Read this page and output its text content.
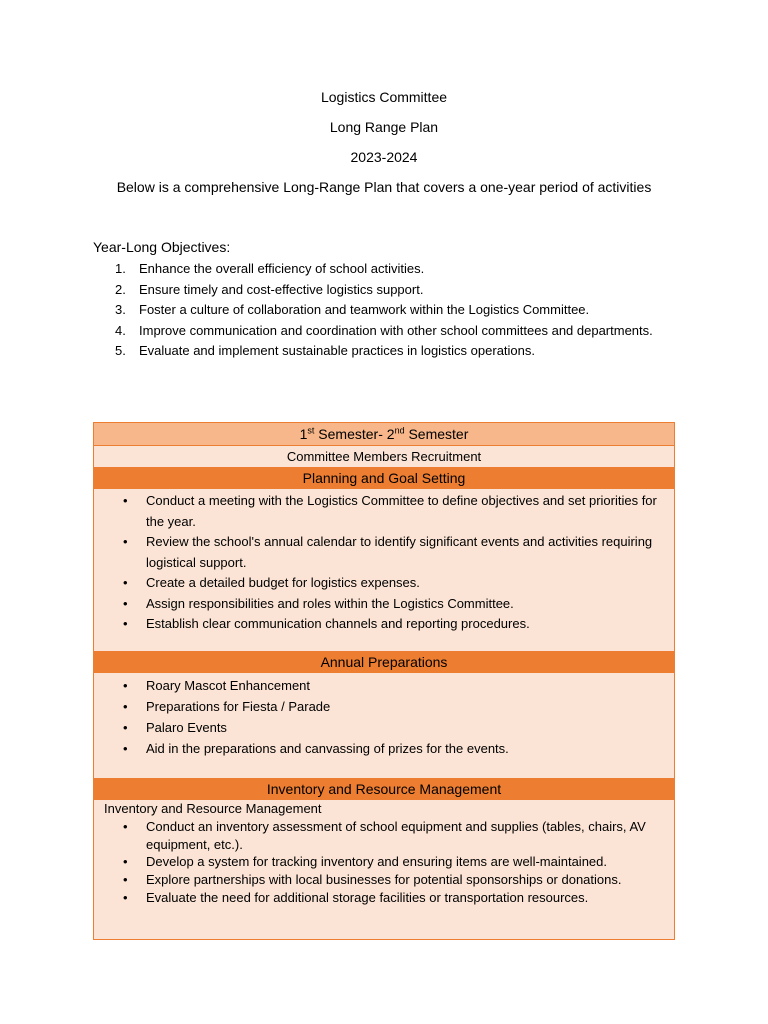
Logistics Committee
Long Range Plan
2023-2024
Below is a comprehensive Long-Range Plan that covers a one-year period of activities
Year-Long Objectives:
1. Enhance the overall efficiency of school activities.
2. Ensure timely and cost-effective logistics support.
3. Foster a culture of collaboration and teamwork within the Logistics Committee.
4. Improve communication and coordination with other school committees and departments.
5. Evaluate and implement sustainable practices in logistics operations.
1st Semester- 2nd Semester
Committee Members Recruitment
Planning and Goal Setting
• Conduct a meeting with the Logistics Committee to define objectives and set priorities for the year.
• Review the school's annual calendar to identify significant events and activities requiring logistical support.
• Create a detailed budget for logistics expenses.
• Assign responsibilities and roles within the Logistics Committee.
• Establish clear communication channels and reporting procedures.
Annual Preparations
• Roary Mascot Enhancement
• Preparations for Fiesta / Parade
• Palaro Events
• Aid in the preparations and canvassing of prizes for the events.
Inventory and Resource Management
Inventory and Resource Management
• Conduct an inventory assessment of school equipment and supplies (tables, chairs, AV equipment, etc.).
• Develop a system for tracking inventory and ensuring items are well-maintained.
• Explore partnerships with local businesses for potential sponsorships or donations.
• Evaluate the need for additional storage facilities or transportation resources.
